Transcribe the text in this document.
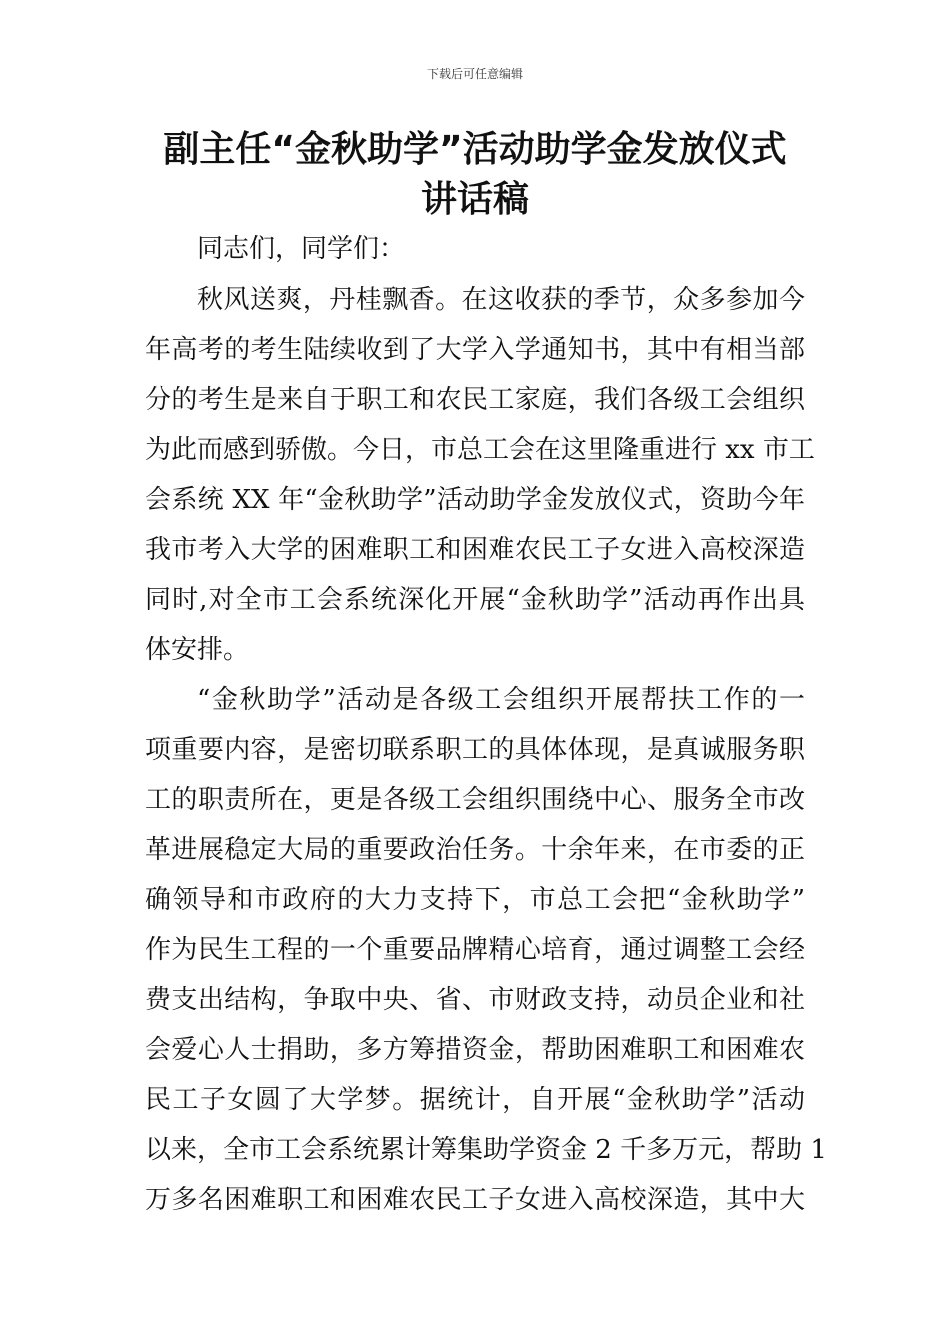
下载后可任意编辑
副主任“金秋助学”活动助学金发放仪式
讲话稿
同志们，同学们：
秋风送爽，丹桂飘香。在这收获的季节，众多参加今
年高考的考生陆续收到了大学入学通知书，其中有相当部
分的考生是来自于职工和农民工家庭，我们各级工会组织
为此而感到骄傲。今日，市总工会在这里隆重进行 xx 市工
会系统 XX 年“金秋助学”活动助学金发放仪式，资助今年
我市考入大学的困难职工和困难农民工子女进入高校深造
同时,对全市工会系统深化开展“金秋助学”活动再作出具
体安排。
“金秋助学”活动是各级工会组织开展帮扶工作的一
项重要内容，是密切联系职工的具体体现，是真诚服务职
工的职责所在，更是各级工会组织围绕中心、服务全市改
革进展稳定大局的重要政治任务。十余年来，在市委的正
确领导和市政府的大力支持下，市总工会把“金秋助学”
作为民生工程的一个重要品牌精心培育，通过调整工会经
费支出结构，争取中央、省、市财政支持，动员企业和社
会爱心人士捐助，多方筹措资金，帮助困难职工和困难农
民工子女圆了大学梦。据统计，自开展“金秋助学”活动
以来，全市工会系统累计筹集助学资金 2 千多万元，帮助 1
万多名困难职工和困难农民工子女进入高校深造，其中大
